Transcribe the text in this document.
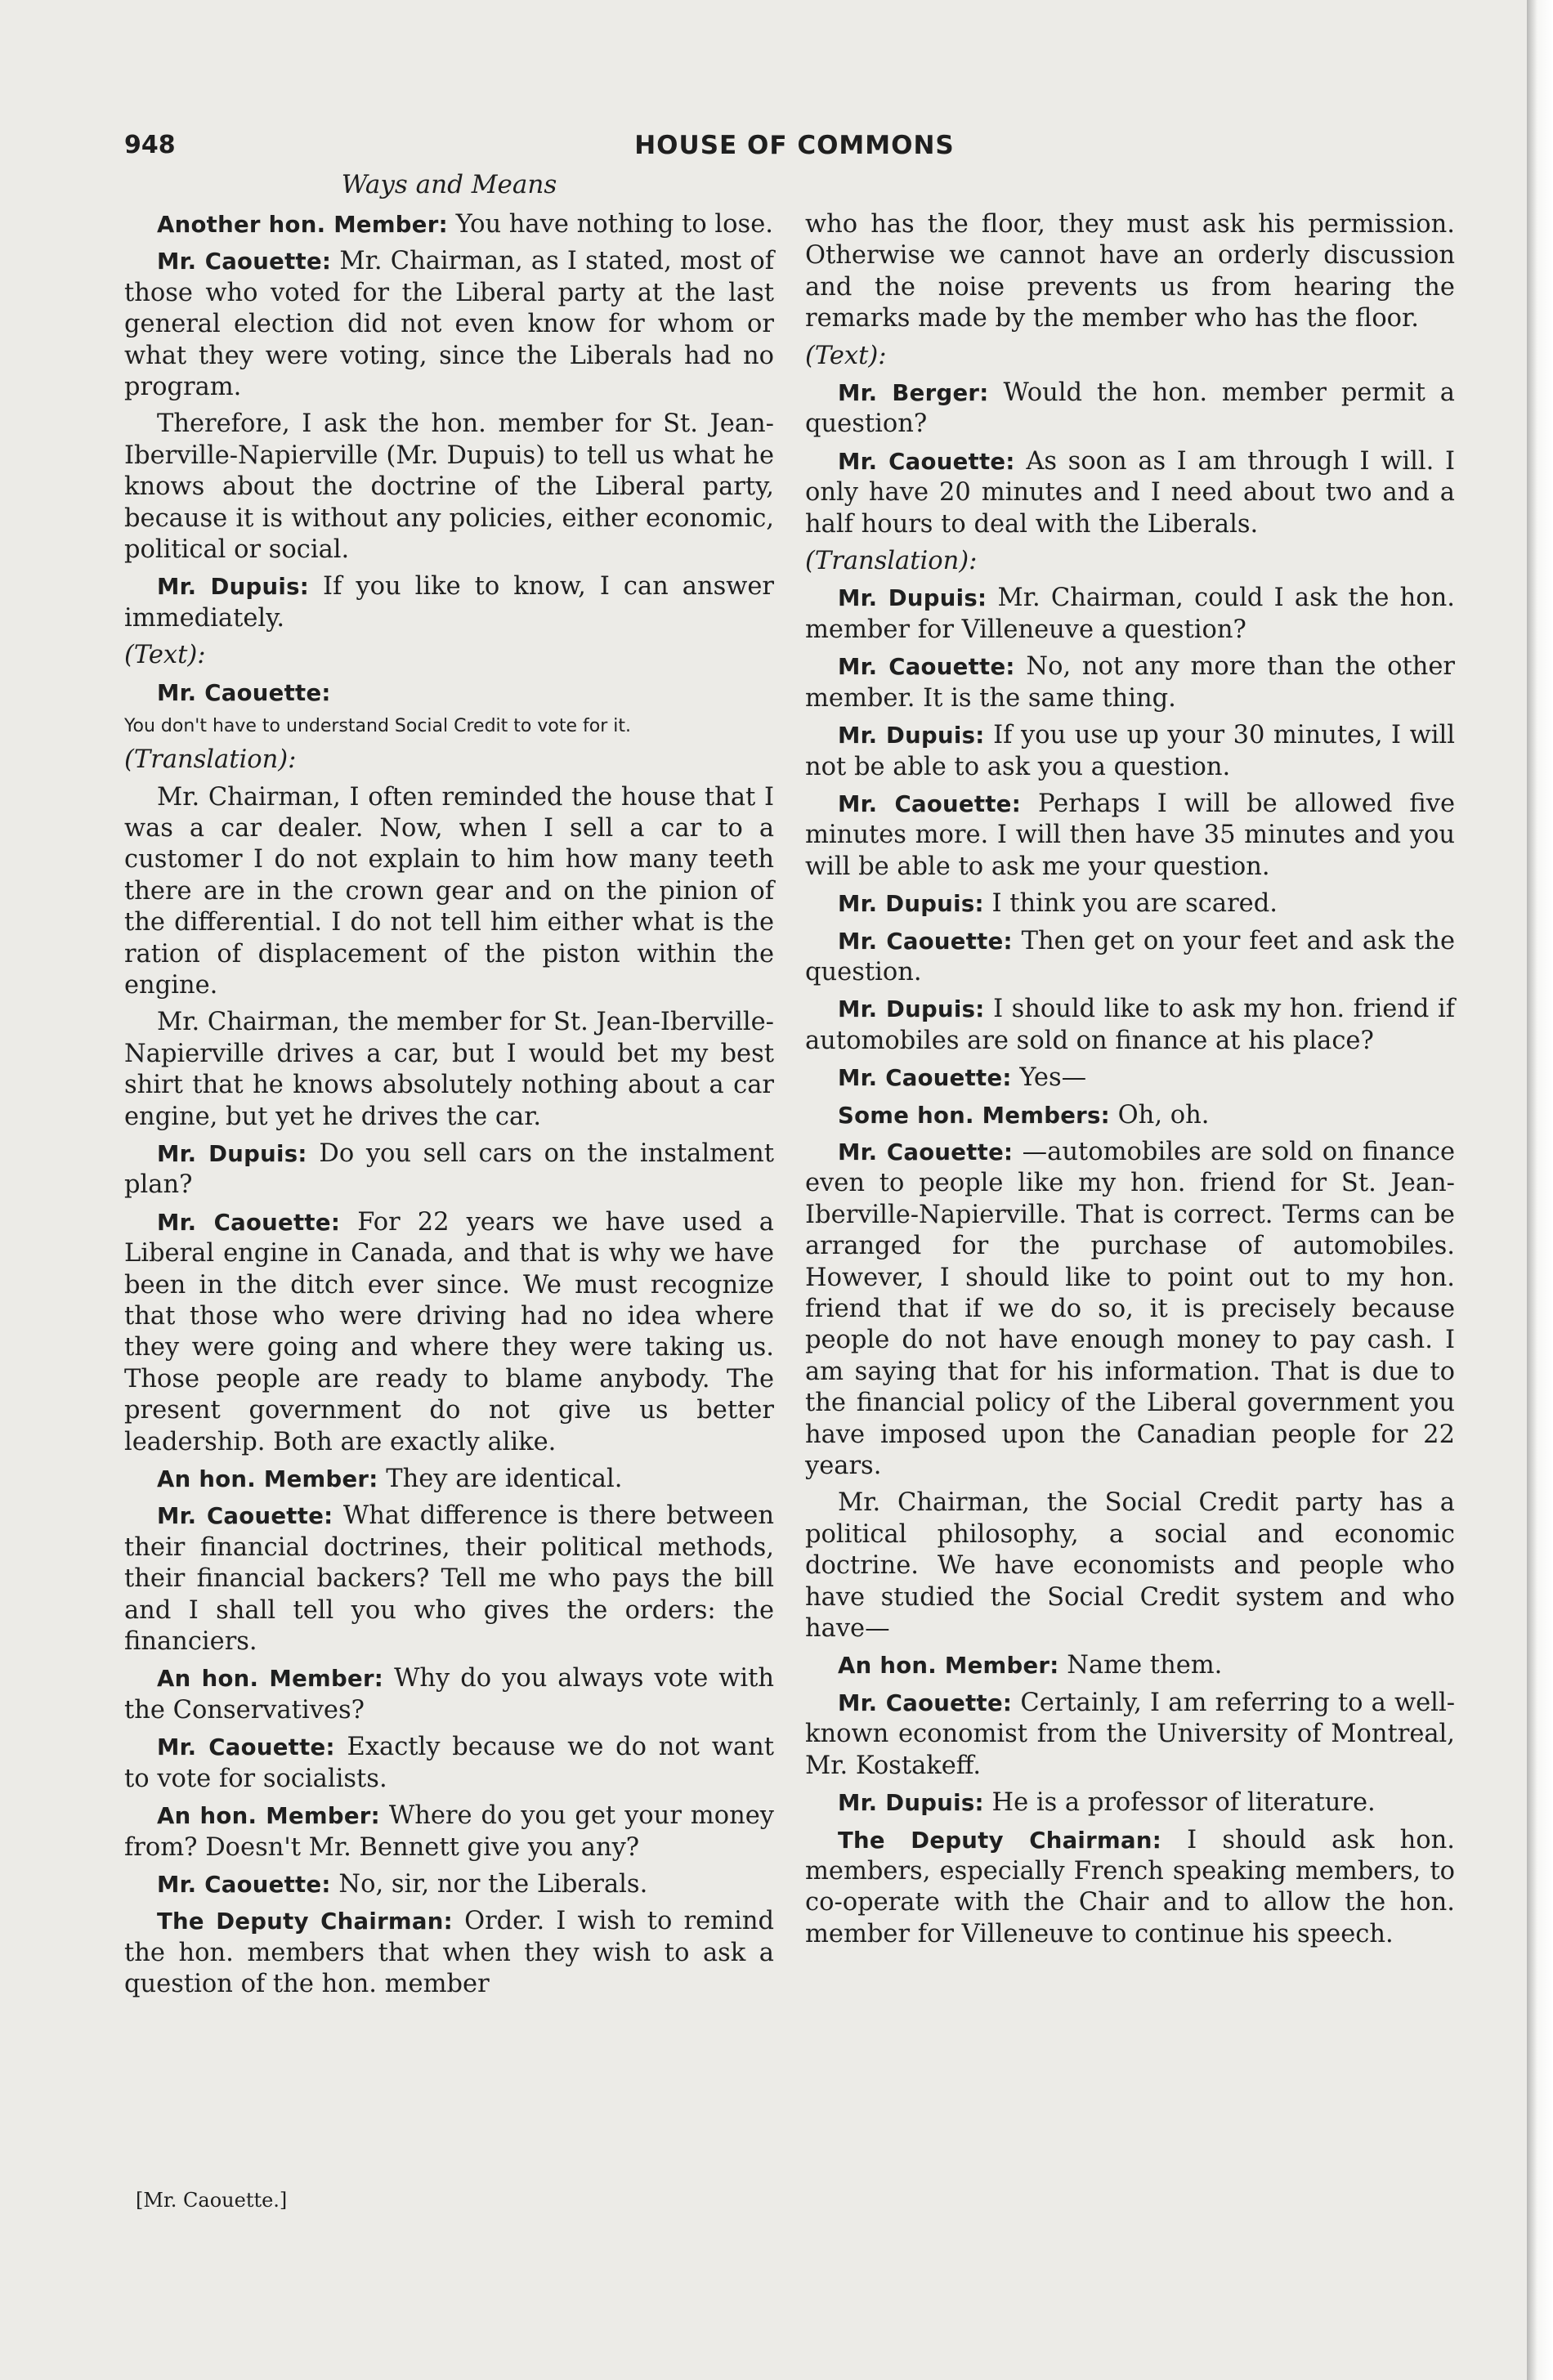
948	HOUSE OF COMMONS
Ways and Means

Another hon. Member: You have nothing to lose.

Mr. Caouette: Mr. Chairman, as I stated, most of those who voted for the Liberal party at the last general election did not even know for whom or what they were voting, since the Liberals had no program.

Therefore, I ask the hon. member for St. Jean-Iberville-Napierville (Mr. Dupuis) to tell us what he knows about the doctrine of the Liberal party, because it is without any policies, either economic, political or social.

Mr. Dupuis: If you like to know, I can answer immediately.

(Text):

Mr. Caouette:

You don't have to understand Social Credit to vote for it.

(Translation):

Mr. Chairman, I often reminded the house that I was a car dealer. Now, when I sell a car to a customer I do not explain to him how many teeth there are in the crown gear and on the pinion of the differential. I do not tell him either what is the ration of displacement of the piston within the engine.

Mr. Chairman, the member for St. Jean-Iberville-Napierville drives a car, but I would bet my best shirt that he knows absolutely nothing about a car engine, but yet he drives the car.

Mr. Dupuis: Do you sell cars on the instalment plan?

Mr. Caouette: For 22 years we have used a Liberal engine in Canada, and that is why we have been in the ditch ever since. We must recognize that those who were driving had no idea where they were going and where they were taking us. Those people are ready to blame anybody. The present government do not give us better leadership. Both are exactly alike.

An hon. Member: They are identical.

Mr. Caouette: What difference is there between their financial doctrines, their political methods, their financial backers? Tell me who pays the bill and I shall tell you who gives the orders: the financiers.

An hon. Member: Why do you always vote with the Conservatives?

Mr. Caouette: Exactly because we do not want to vote for socialists.

An hon. Member: Where do you get your money from? Doesn't Mr. Bennett give you any?

Mr. Caouette: No, sir, nor the Liberals.

The Deputy Chairman: Order. I wish to remind the hon. members that when they wish to ask a question of the hon. member

who has the floor, they must ask his permission. Otherwise we cannot have an orderly discussion and the noise prevents us from hearing the remarks made by the member who has the floor.

(Text):

Mr. Berger: Would the hon. member permit a question?

Mr. Caouette: As soon as I am through I will. I only have 20 minutes and I need about two and a half hours to deal with the Liberals.

(Translation):

Mr. Dupuis: Mr. Chairman, could I ask the hon. member for Villeneuve a question?

Mr. Caouette: No, not any more than the other member. It is the same thing.

Mr. Dupuis: If you use up your 30 minutes, I will not be able to ask you a question.

Mr. Caouette: Perhaps I will be allowed five minutes more. I will then have 35 minutes and you will be able to ask me your question.

Mr. Dupuis: I think you are scared.

Mr. Caouette: Then get on your feet and ask the question.

Mr. Dupuis: I should like to ask my hon. friend if automobiles are sold on finance at his place?

Mr. Caouette: Yes—

Some hon. Members: Oh, oh.

Mr. Caouette: —automobiles are sold on finance even to people like my hon. friend for St. Jean-Iberville-Napierville. That is correct. Terms can be arranged for the purchase of automobiles. However, I should like to point out to my hon. friend that if we do so, it is precisely because people do not have enough money to pay cash. I am saying that for his information. That is due to the financial policy of the Liberal government you have imposed upon the Canadian people for 22 years.

Mr. Chairman, the Social Credit party has a political philosophy, a social and economic doctrine. We have economists and people who have studied the Social Credit system and who have—

An hon. Member: Name them.

Mr. Caouette: Certainly, I am referring to a well-known economist from the University of Montreal, Mr. Kostakeff.

Mr. Dupuis: He is a professor of literature.

The Deputy Chairman: I should ask hon. members, especially French speaking members, to co-operate with the Chair and to allow the hon. member for Villeneuve to continue his speech.

[Mr. Caouette.]
